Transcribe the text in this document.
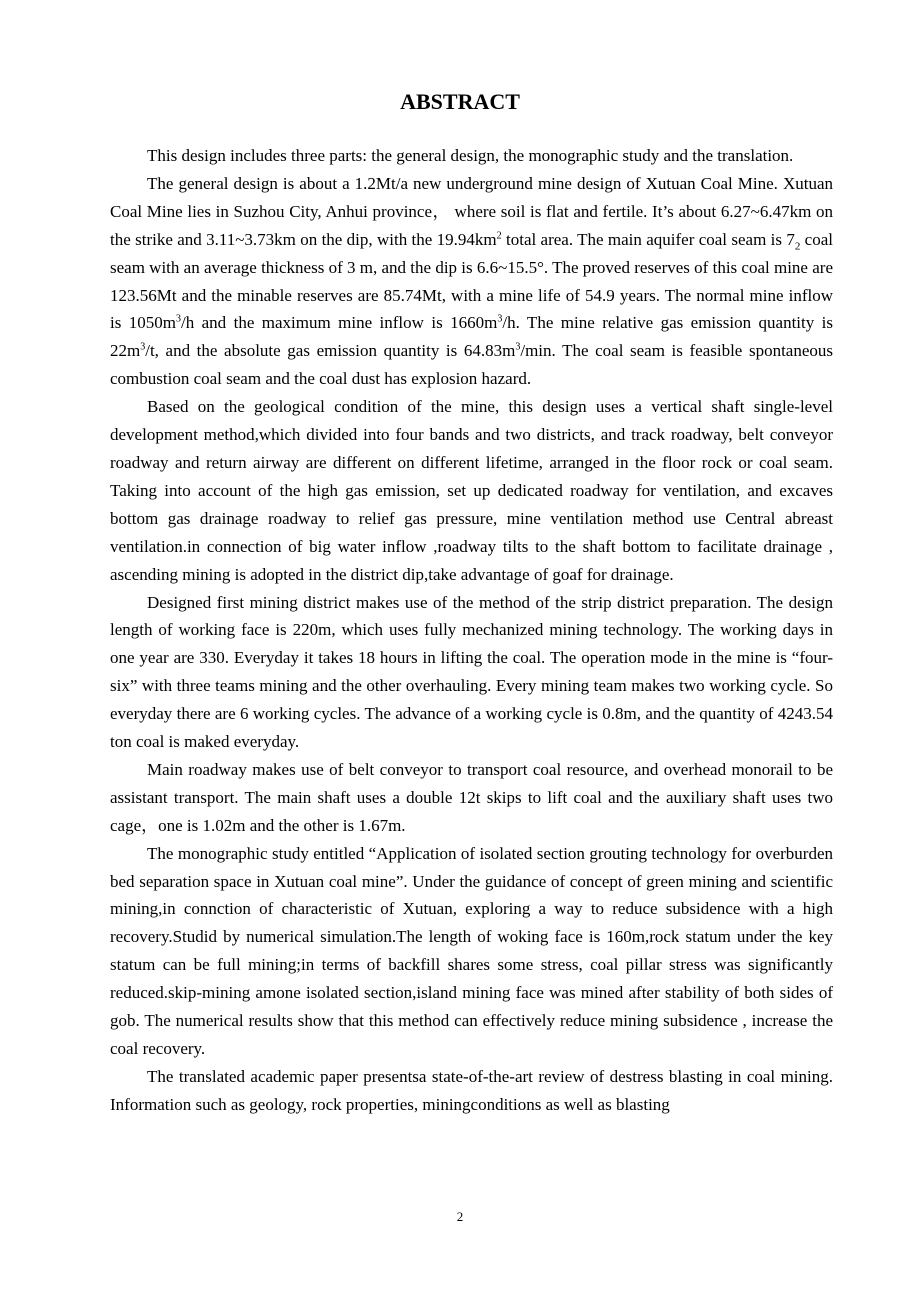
ABSTRACT

This design includes three parts: the general design, the monographic study and the translation.

The general design is about a 1.2Mt/a new underground mine design of Xutuan Coal Mine. Xutuan Coal Mine lies in Suzhou City, Anhui province， where soil is flat and fertile. It’s about 6.27~6.47km on the strike and 3.11~3.73km on the dip, with the $19.94km^2$ total area. The main aquifer coal seam is $7_2$ coal seam with an average thickness of 3 m, and the dip is 6.6~15.5°. The proved reserves of this coal mine are 123.56Mt and the minable reserves are 85.74Mt, with a mine life of 54.9 years. The normal mine inflow is $1050m^3/h$ and the maximum mine inflow is $1660m^3/h$. The mine relative gas emission quantity is $22m^3/t$, and the absolute gas emission quantity is $64.83m^3/\min$. The coal seam is feasible spontaneous combustion coal seam and the coal dust has explosion hazard.

Based on the geological condition of the mine, this design uses a vertical shaft single-level development method,which divided into four bands and two districts, and track roadway, belt conveyor roadway and return airway are different on different lifetime, arranged in the floor rock or coal seam. Taking into account of the high gas emission, set up dedicated roadway for ventilation, and excaves bottom gas drainage roadway to relief gas pressure, mine ventilation method use Central abreast ventilation.in connection of big water inflow ,roadway tilts to the shaft bottom to facilitate drainage , ascending mining is adopted in the district dip,take advantage of goaf for drainage.

Designed first mining district makes use of the method of the strip district preparation. The design length of working face is 220m, which uses fully mechanized mining technology. The working days in one year are 330. Everyday it takes 18 hours in lifting the coal. The operation mode in the mine is “four-six” with three teams mining and the other overhauling. Every mining team makes two working cycle. So everyday there are 6 working cycles. The advance of a working cycle is 0.8m, and the quantity of 4243.54 ton coal is maked everyday.

Main roadway makes use of belt conveyor to transport coal resource, and overhead monorail to be assistant transport. The main shaft uses a double 12t skips to lift coal and the auxiliary shaft uses two cage，one is 1.02m and the other is 1.67m.

The monographic study entitled “Application of isolated section grouting technology for overburden bed separation space in Xutuan coal mine”. Under the guidance of concept of green mining and scientific mining,in connction of characteristic of Xutuan, exploring a way to reduce subsidence with a high recovery.Studid by numerical simulation.The length of woking face is 160m,rock statum under the key statum can be full mining;in terms of backfill shares some stress, coal pillar stress was significantly reduced.skip-mining amone isolated section,island mining face was mined after stability of both sides of gob. The numerical results show that this method can effectively reduce mining subsidence , increase the coal recovery.

The translated academic paper presentsa state-of-the-art review of destress blasting in coal mining. Information such as geology, rock properties, miningconditions as well as blasting

2
